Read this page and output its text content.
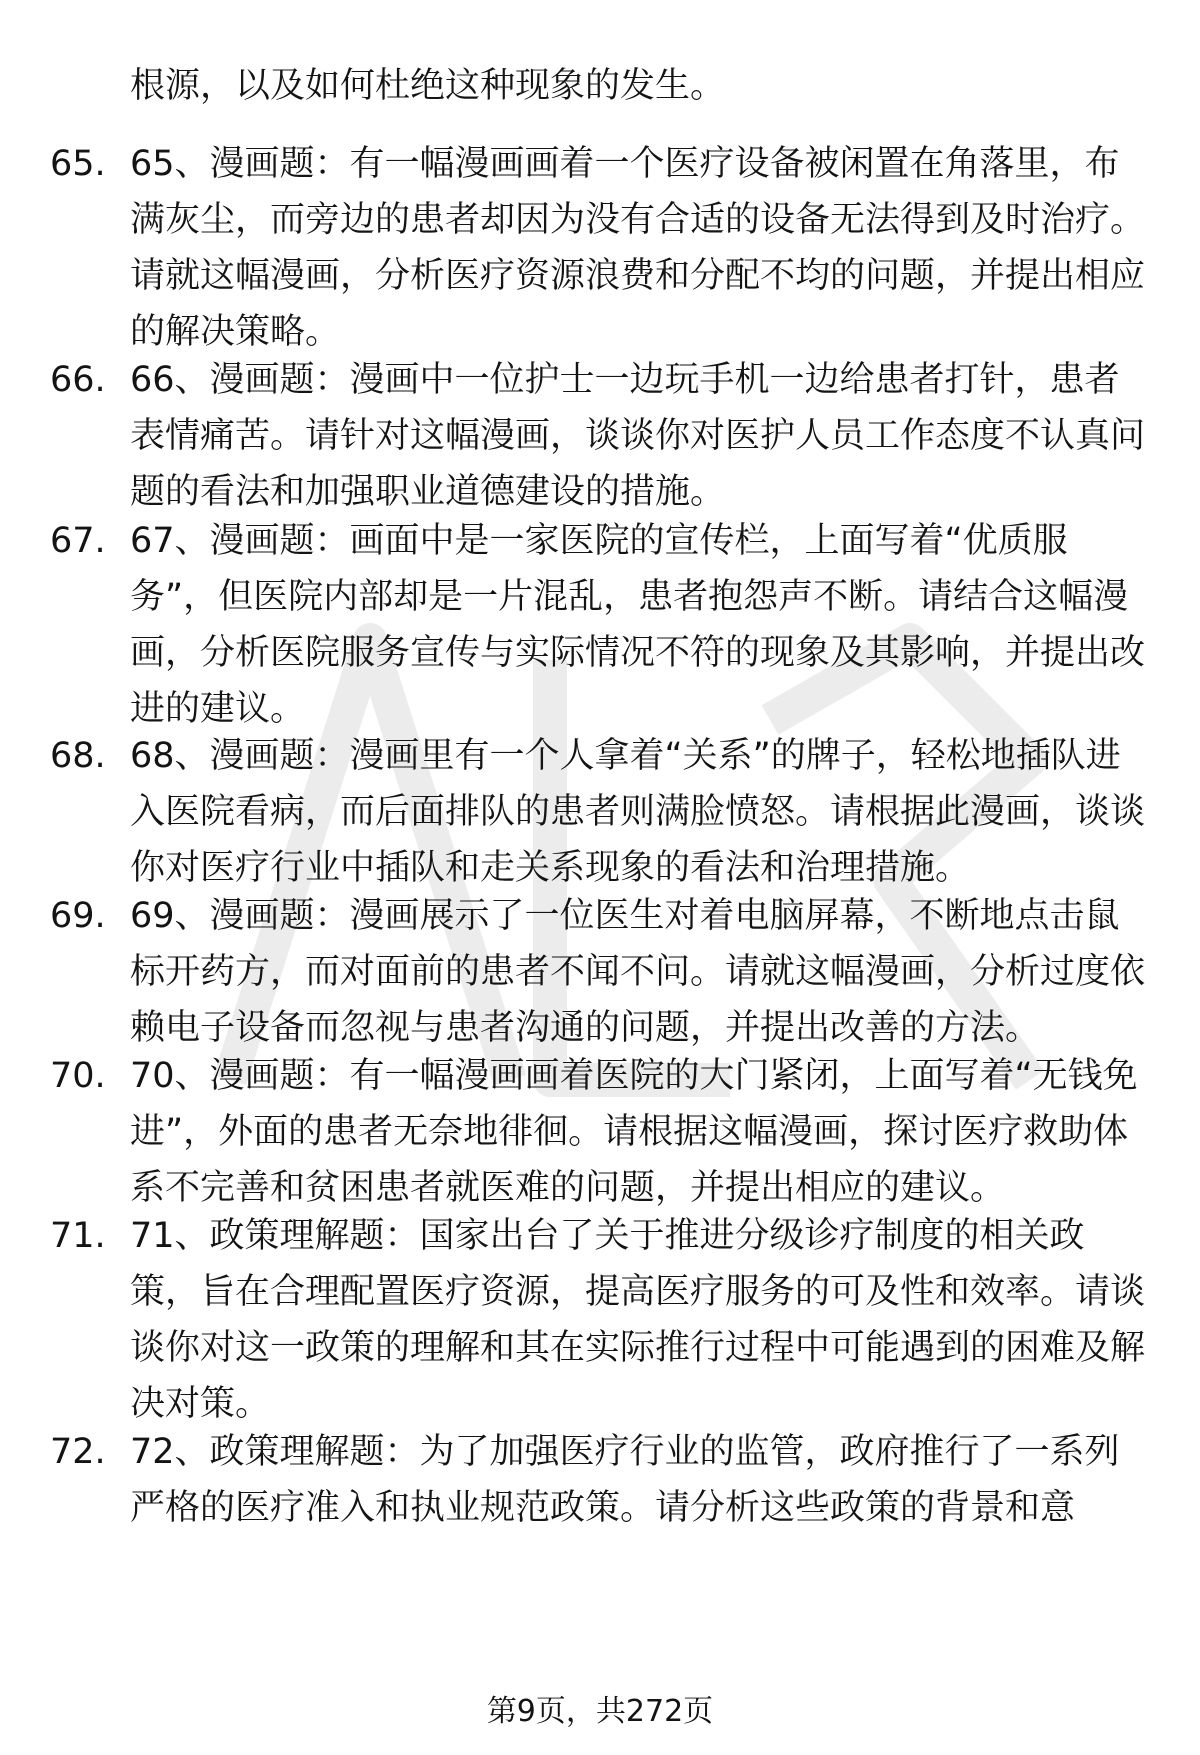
根源，以及如何杜绝这种现象的发生。

65. 65、漫画题：有一幅漫画画着一个医疗设备被闲置在角落里，布满灰尘，而旁边的患者却因为没有合适的设备无法得到及时治疗。请就这幅漫画，分析医疗资源浪费和分配不均的问题，并提出相应的解决策略。

66. 66、漫画题：漫画中一位护士一边玩手机一边给患者打针，患者表情痛苦。请针对这幅漫画，谈谈你对医护人员工作态度不认真问题的看法和加强职业道德建设的措施。

67. 67、漫画题：画面中是一家医院的宣传栏，上面写着“优质服务”，但医院内部却是一片混乱，患者抱怨声不断。请结合这幅漫画，分析医院服务宣传与实际情况不符的现象及其影响，并提出改进的建议。

68. 68、漫画题：漫画里有一个人拿着“关系”的牌子，轻松地插队进入医院看病，而后面排队的患者则满脸愤怒。请根据此漫画，谈谈你对医疗行业中插队和走关系现象的看法和治理措施。

69. 69、漫画题：漫画展示了一位医生对着电脑屏幕，不断地点击鼠标开药方，而对面前的患者不闻不问。请就这幅漫画，分析过度依赖电子设备而忽视与患者沟通的问题，并提出改善的方法。

70. 70、漫画题：有一幅漫画画着医院的大门紧闭，上面写着“无钱免进”，外面的患者无奈地徘徊。请根据这幅漫画，探讨医疗救助体系不完善和贫困患者就医难的问题，并提出相应的建议。

71. 71、政策理解题：国家出台了关于推进分级诊疗制度的相关政策，旨在合理配置医疗资源，提高医疗服务的可及性和效率。请谈谈你对这一政策的理解和其在实际推行过程中可能遇到的困难及解决对策。

72. 72、政策理解题：为了加强医疗行业的监管，政府推行了一系列严格的医疗准入和执业规范政策。请分析这些政策的背景和意

第9页，共272页
